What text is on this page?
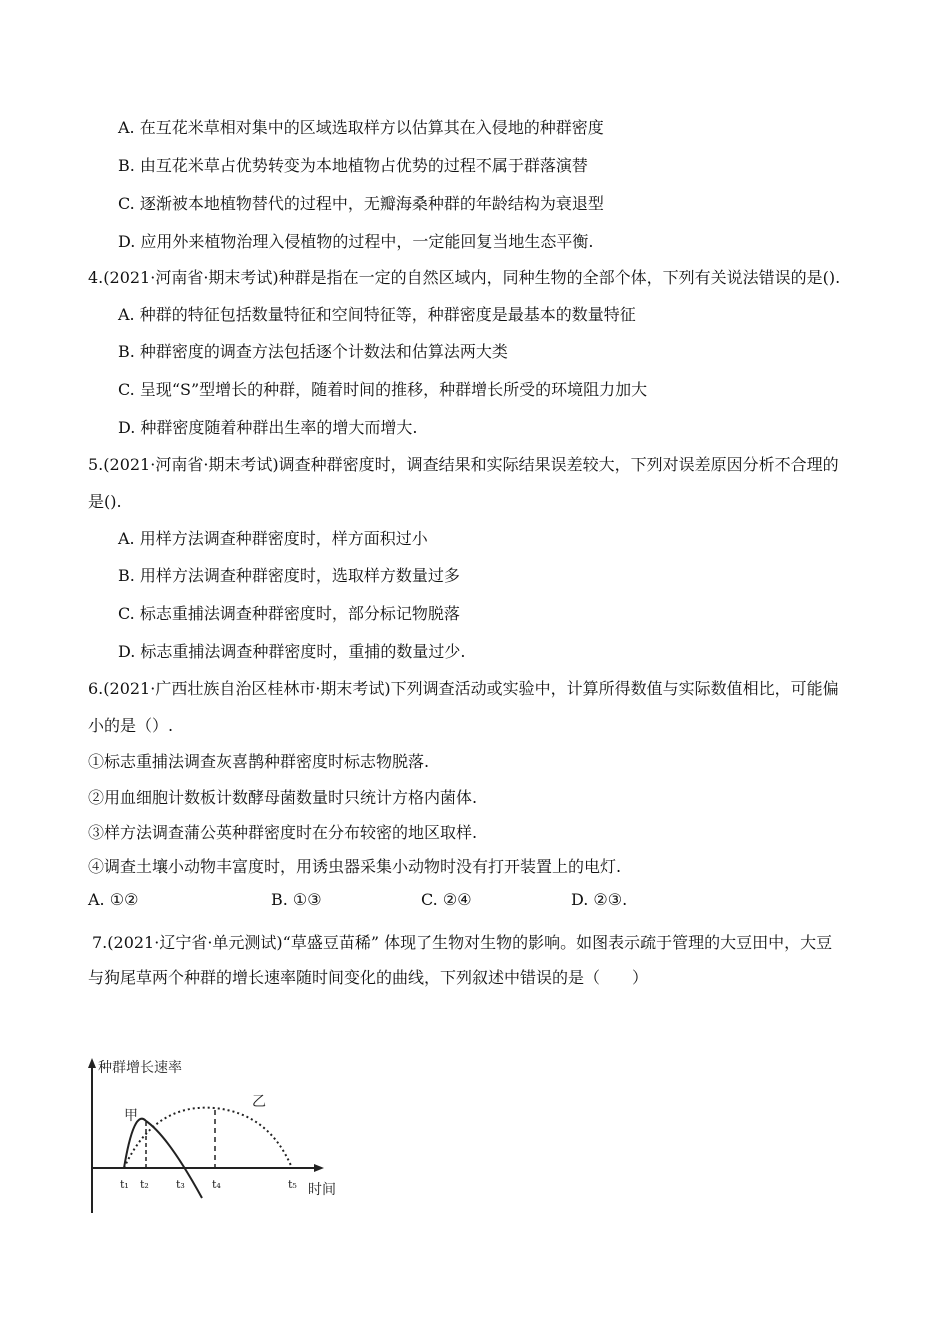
A. 在互花米草相对集中的区域选取样方以估算其在入侵地的种群密度
B. 由互花米草占优势转变为本地植物占优势的过程不属于群落演替
C. 逐渐被本地植物替代的过程中，无瓣海桑种群的年龄结构为衰退型
D. 应用外来植物治理入侵植物的过程中，一定能回复当地生态平衡.
4.(2021·河南省·期末考试)种群是指在一定的自然区域内，同种生物的全部个体，下列有关说法错误的是().
A. 种群的特征包括数量特征和空间特征等，种群密度是最基本的数量特征
B. 种群密度的调查方法包括逐个计数法和估算法两大类
C. 呈现“S”型增长的种群，随着时间的推移，种群增长所受的环境阻力加大
D. 种群密度随着种群出生率的增大而增大.
5.(2021·河南省·期末考试)调查种群密度时，调查结果和实际结果误差较大，下列对误差原因分析不合理的
是().
A. 用样方法调查种群密度时，样方面积过小
B. 用样方法调查种群密度时，选取样方数量过多
C. 标志重捕法调查种群密度时，部分标记物脱落
D. 标志重捕法调查种群密度时，重捕的数量过少.
6.(2021·广西壮族自治区桂林市·期末考试)下列调查活动或实验中，计算所得数值与实际数值相比，可能偏
小的是（）.
①标志重捕法调查灰喜鹊种群密度时标志物脱落.
②用血细胞计数板计数酵母菌数量时只统计方格内菌体.
③样方法调查蒲公英种群密度时在分布较密的地区取样.
④调查土壤小动物丰富度时，用诱虫器采集小动物时没有打开装置上的电灯.
A. ①②	B. ①③	C. ②④	D. ②③.
7.(2021·辽宁省·单元测试)“草盛豆苗稀” 体现了生物对生物的影响。如图表示疏于管理的大豆田中，大豆
与狗尾草两个种群的增长速率随时间变化的曲线，下列叙述中错误的是（　　）
种群增长速率
时间
甲
乙
t₁ t₂ t₃ t₄	t₅
